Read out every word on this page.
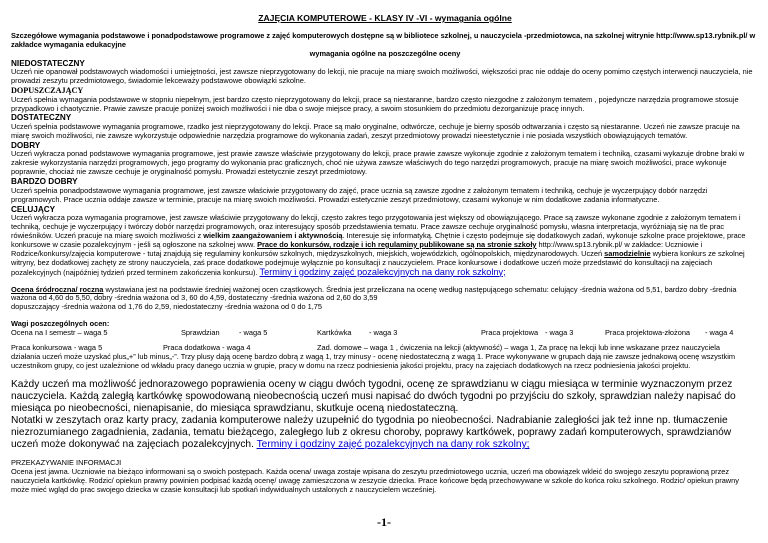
ZAJĘCIA KOMPUTEROWE - KLASY IV -VI - wymagania ogólne

Szczegółowe wymagania podstawowe i ponadpodstawowe programowe z zajęć komputerowych dostępne są w bibliotece szkolnej, u nauczyciela -przedmiotowca, na szkolnej witrynie http://www.sp13.rybnik.pl/ w zakładce wymagania edukacyjne

wymagania ogólne na poszczególne oceny

NIEDOSTATECZNY

Uczeń nie opanował podstawowych wiadomości i umiejętności, jest zawsze nieprzygotowany do lekcji, nie pracuje na miarę swoich możliwości, większości prac nie oddaje do oceny pomimo częstych interwencji nauczyciela, nie prowadzi zeszytu przedmiotowego, świadomie lekceważy podstawowe obowiązki szkolne.

DOPUSZCZAJĄCY

Uczeń spełnia wymagania podstawowe w stopniu niepełnym, jest bardzo często nieprzygotowany do lekcji, prace są niestaranne, bardzo często niezgodne z założonym tematem , pojedyncze narzędzia programowe stosuje przypadkowo i chaotycznie. Prawie zawsze pracuje poniżej swoich możliwości i nie dba o swoje miejsce pracy, a swoim stosunkiem do przedmiotu dezorganizuje pracę innych.

DOSTATECZNY

Uczeń spełnia podstawowe wymagania programowe, rzadko jest nieprzygotowany do lekcji. Prace są mało oryginalne, odtwórcze, cechuje je bierny sposób odtwarzania i często są niestaranne. Uczeń nie zawsze pracuje na miarę swoich możliwości, nie zawsze wykorzystuje odpowiednie narzędzia programowe do wykonania zadań, zeszyt przedmiotowy prowadzi nieestetycznie i nie posiada wszystkich obowiązujących tematów.

DOBRY

Uczeń wykracza ponad podstawowe wymagania programowe, jest prawie zawsze właściwie przygotowany do lekcji, prace prawie zawsze wykonuje zgodnie z założonym tematem i techniką, czasami wykazuje drobne braki w zakresie wykorzystania narzędzi programowych, jego programy do wykonania prac graficznych, choć nie używa zawsze właściwych do tego narzędzi programowych, pracuje na miarę swoich możliwości, prace wykonuje poprawnie, chociaż nie zawsze cechuje je oryginalność pomysłu. Prowadzi estetycznie zeszyt przedmiotowy.

BARDZO DOBRY

Uczeń spełnia ponadpodstawowe wymagania programowe, jest zawsze właściwie przygotowany do zajęć, prace ucznia są zawsze zgodne z założonym tematem i techniką, cechuje je wyczerpujący dobór narzędzi programowych. Prace ucznia oddaje zawsze w terminie, pracuje na miarę swoich możliwości. Prowadzi estetycznie zeszyt przedmiotowy, czasami wykonuje w nim dodatkowe zadania informatyczne.

CELUJĄCY

Uczeń wykracza poza wymagania programowe, jest zawsze właściwie przygotowany do lekcji, często zakres tego przygotowania jest większy od obowiązującego. Prace są zawsze wykonane zgodnie z założonym tematem i techniką, cechuje je wyczerpujący i twórczy dobór narzędzi programowych, oraz interesujący sposób przedstawienia tematu. Prace zawsze cechuje oryginalność pomysłu, własna interpretacja, wyróżniają się na tle prac rówieśników. Uczeń pracuje na miarę swoich możliwości z wielkim zaangażowaniem i aktywnością. Interesuje się informatyką. Chętnie i często podejmuje się dodatkowych zadań, wykonuje szkolne prace projektowe, prace konkursowe w czasie pozalekcyjnym - jeśli są ogłoszone na szkolnej www. Prace do konkursów, rodzaje i ich regulaminy publikowane są na stronie szkoły http://www.sp13.rybnik.pl/ w zakładce: Uczniowie i Rodzice/konkursy/zajęcia komputerowe - tutaj znajdują się regulaminy konkursów szkolnych, międzyszkolnych, miejskich, wojewódzkich, ogólnopolskich, międzynarodowych. Uczeń samodzielnie wybiera konkurs ze szkolnej witryny, bez dodatkowej zachęty ze strony nauczyciela, zaś prace dodatkowe podejmuje wyłącznie po konsultacji z nauczycielem. Prace konkursowe i dodatkowe uczeń może przedstawić do konsultacji na zajęciach pozalekcyjnych (najpóźniej tydzień przed terminem zakończenia konkursu). Terminy i godziny zajęć pozalekcyjnych na dany rok szkolny;

Ocena śródroczna/ roczna wystawiana jest na podstawie średniej ważonej ocen cząstkowych. Średnia jest przeliczana na ocenę według następującego schematu: celujący -średnia ważona od 5,51, bardzo dobry -średnia ważona od 4,60 do 5,50, dobry -średnia ważona od 3, 60 do 4,59, dostateczny -średnia ważona od 2,60 do 3,59

dopuszczający -średnia ważona od 1,76 do 2,59, niedostateczny -średnia ważona od 0 do 1,75

Wagi poszczególnych ocen:

Ocena na I semestr – waga 5	Sprawdzian	- waga 5	Kartkówka	- waga 3	Praca projektowa	- waga 3	Praca projektowa-złożona	- waga 4
Praca konkursowa - waga 5	Praca dodatkowa - waga 4	Zad. domowe – waga 1 , ćwiczenia na lekcji (aktywność) – waga 1, Za pracę na lekcji lub inne wskazane przez nauczyciela

działania uczeń może uzyskać plus„+” lub minus„-”. Trzy plusy dają ocenę bardzo dobrą z wagą 1, trzy minusy - ocenę niedostateczną z wagą 1. Prace wykonywane w grupach dają nie zawsze jednakową ocenę wszystkim uczestnikom grupy, co jest uzależnione od wkładu pracy danego ucznia w grupie, pracy w domu na rzecz podniesienia jakości projektu, pracy na zajęciach dodatkowych na rzecz podniesienia jakości projektu.

Każdy uczeń ma możliwość jednorazowego poprawienia oceny w ciągu dwóch tygodni, ocenę ze sprawdzianu w ciągu miesiąca w terminie wyznaczonym przez nauczyciela. Każdą zaległą kartkówkę spowodowaną nieobecnością uczeń musi napisać do dwóch tygodni po przyjściu do szkoły, sprawdzian należy napisać do miesiąca po nieobecności, nienapisanie, do miesiąca sprawdzianu, skutkuje oceną niedostateczną.

Notatki w zeszytach oraz karty pracy, zadania komputerowe należy uzupełnić do tygodnia po nieobecności. Nadrabianie zaległości jak też inne np. tłumaczenie niezrozumianego zagadnienia, zadania, tematu bieżącego, zaległego lub z okresu choroby, poprawy kartkówek, poprawy zadań komputerowych, sprawdzianów uczeń może dokonywać na zajęciach pozalekcyjnych. Terminy i godziny zajęć pozalekcyjnych na dany rok szkolny;

PRZEKAZYWANIE INFORMACJI

Ocena jest jawna. Uczniowie na bieżąco informowani są o swoich postępach. Każda ocena/ uwaga zostaje wpisana do zeszytu przedmiotowego ucznia, uczeń ma obowiązek wkleić do swojego zeszytu poprawioną przez nauczyciela kartkówkę. Rodzic/ opiekun prawny powinien podpisać każdą ocenę/ uwagę zamieszczona w zeszycie dziecka. Prace końcowe będą przechowywane w szkole do końca roku szkolnego. Rodzic/ opiekun prawny może mieć wgląd do prac swojego dziecka w czasie konsultacji lub spotkań indywidualnych ustalonych z nauczycielem wcześniej.

-1-
